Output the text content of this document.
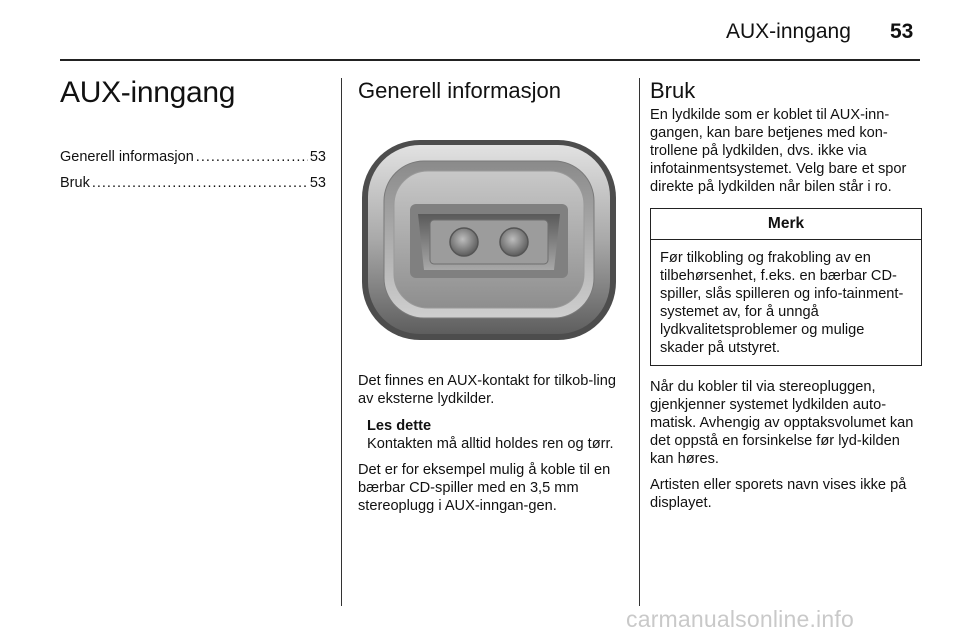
AUX-inngang 53
AUX-inngang
Generell informasjon .....	53
Bruk .....	53
Generell informasjon

Det finnes en AUX-kontakt for tilkob-ling av eksterne lydkilder.

Les dette

Kontakten må alltid holdes ren og tørr.

Det er for eksempel mulig å koble til en bærbar CD-spiller med en 3,5 mm stereoplugg i AUX-inngan-gen.

Bruk

En lydkilde som er koblet til AUX-inn-gangen, kan bare betjenes med kon-trollene på lydkilden, dvs. ikke via infotainmentsystemet. Velg bare et spor direkte på lydkilden når bilen står i ro.

Merk

Før tilkobling og frakobling av en tilbehørsenhet, f.eks. en bærbar CD-spiller, slås spilleren og info-tainment-systemet av, for å unngå lydkvalitetsproblemer og mulige skader på utstyret.

Når du kobler til via stereopluggen, gjenkjenner systemet lydkilden auto-matisk. Avhengig av opptaksvolumet kan det oppstå en forsinkelse før lyd-kilden kan høres.

Artisten eller sporets navn vises ikke på displayet.

carmanualsonline.info
